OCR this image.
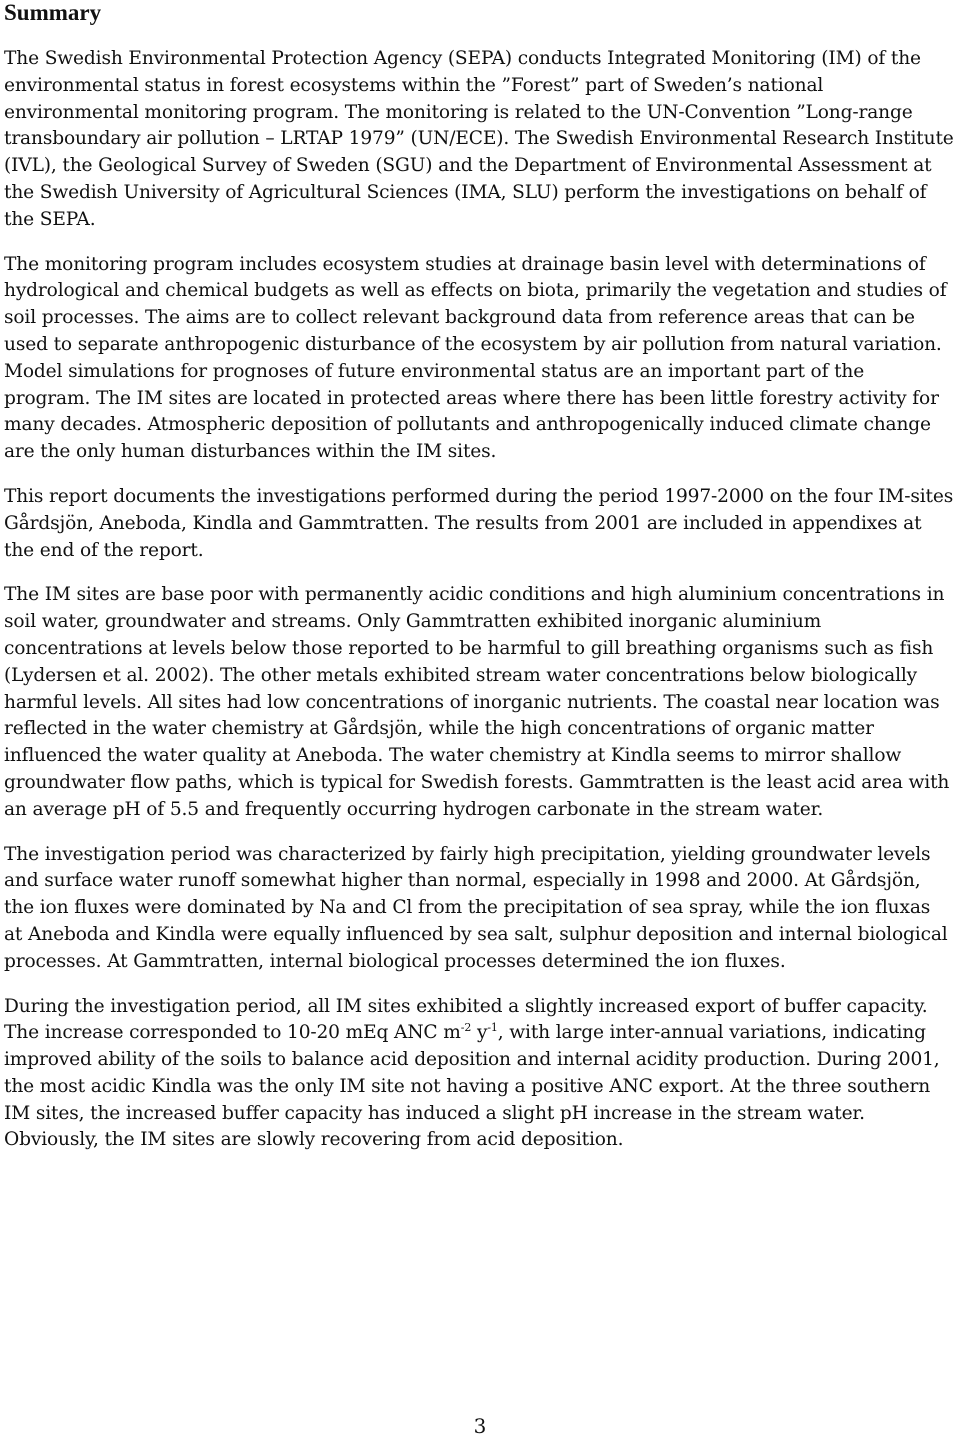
Summary

The Swedish Environmental Protection Agency (SEPA) conducts Integrated Monitoring (IM) of the environmental status in forest ecosystems within the ”Forest” part of Sweden’s national environmental monitoring program. The monitoring is related to the UN-Convention ”Long-range transboundary air pollution – LRTAP 1979” (UN/ECE). The Swedish Environmental Research Institute (IVL), the Geological Survey of Sweden (SGU) and the Department of Environmental Assessment at the Swedish University of Agricultural Sciences (IMA, SLU) perform the investigations on behalf of the SEPA.

The monitoring program includes ecosystem studies at drainage basin level with determinations of hydrological and chemical budgets as well as effects on biota, primarily the vegetation and studies of soil processes. The aims are to collect relevant background data from reference areas that can be used to separate anthropogenic disturbance of the ecosystem by air pollution from natural variation. Model simulations for prognoses of future environmental status are an important part of the program. The IM sites are located in protected areas where there has been little forestry activity for many decades. Atmospheric deposition of pollutants and anthropogenically induced climate change are the only human disturbances within the IM sites.

This report documents the investigations performed during the period 1997-2000 on the four IM-sites Gårdsjön, Aneboda, Kindla and Gammtratten. The results from 2001 are included in appendixes at the end of the report.

The IM sites are base poor with permanently acidic conditions and high aluminium concentrations in soil water, groundwater and streams. Only Gammtratten exhibited inorganic aluminium concentrations at levels below those reported to be harmful to gill breathing organisms such as fish (Lydersen et al. 2002). The other metals exhibited stream water concentrations below biologically harmful levels. All sites had low concentrations of inorganic nutrients. The coastal near location was reflected in the water chemistry at Gårdsjön, while the high concentrations of organic matter influenced the water quality at Aneboda. The water chemistry at Kindla seems to mirror shallow groundwater flow paths, which is typical for Swedish forests. Gammtratten is the least acid area with an average pH of 5.5 and frequently occurring hydrogen carbonate in the stream water.

The investigation period was characterized by fairly high precipitation, yielding groundwater levels and surface water runoff somewhat higher than normal, especially in 1998 and 2000. At Gårdsjön, the ion fluxes were dominated by Na and Cl from the precipitation of sea spray, while the ion fluxas at Aneboda and Kindla were equally influenced by sea salt, sulphur deposition and internal biological processes. At Gammtratten, internal biological processes determined the ion fluxes.

During the investigation period, all IM sites exhibited a slightly increased export of buffer capacity. The increase corresponded to 10-20 mEq ANC $m^{-2}$ $y^{-1}$, with large inter-annual variations, indicating improved ability of the soils to balance acid deposition and internal acidity production. During 2001, the most acidic Kindla was the only IM site not having a positive ANC export. At the three southern IM sites, the increased buffer capacity has induced a slight pH increase in the stream water. Obviously, the IM sites are slowly recovering from acid deposition.

3
